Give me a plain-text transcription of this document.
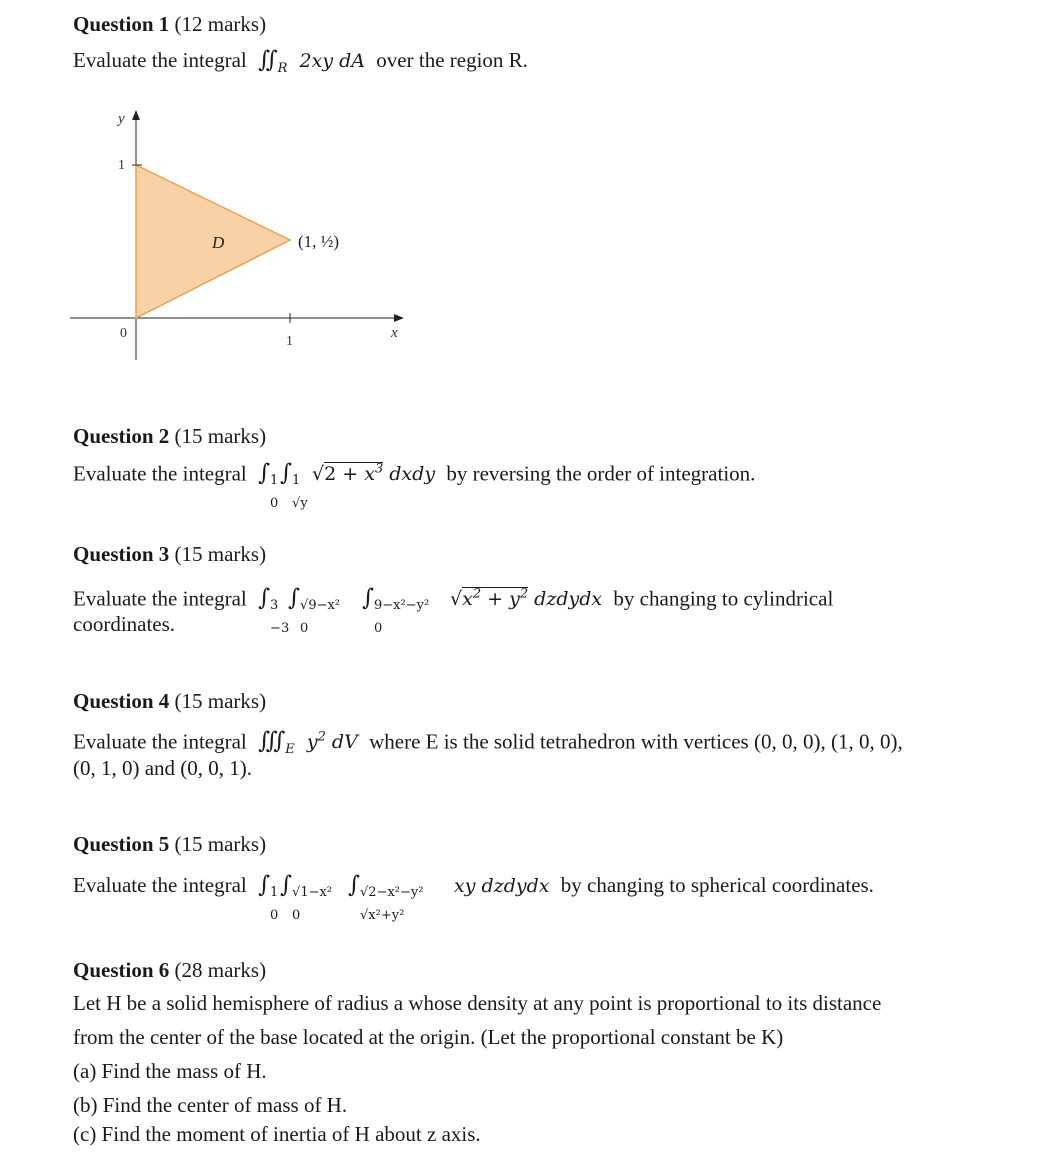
Question 1 (12 marks)
Evaluate the integral $∬_R$  2xy dA  over the region R.
y
1
0
1
x
D	(1, ½)
Question 2 (15 marks)
Evaluate the integral ∫ 1
0
∫ 1
√y
$√2 + x^3$ dxdy  by reversing the order of integration.
Question 3 (15 marks)
Evaluate the integral ∫ 3
−3
∫ √9−x²
0
∫ 9−x²−y²
0
$√x^2 + y^2$ dzdydx  by changing to cylindrical
coordinates.
Question 4 (15 marks)
Evaluate the integral $∭_E$  $y^2$ dV  where E is the solid tetrahedron with vertices (0, 0, 0), (1, 0, 0),
(0, 1, 0) and (0, 0, 1).
Question 5 (15 marks)
Evaluate the integral ∫ 1
0
∫ √1−x²
0
∫ √2−x²−y²
√x²+y²
xy dzdydx  by changing to spherical coordinates.
Question 6 (28 marks)
Let H be a solid hemisphere of radius a whose density at any point is proportional to its distance
from the center of the base located at the origin. (Let the proportional constant be K)
(a) Find the mass of H.
(b) Find the center of mass of H.
(c) Find the moment of inertia of H about z axis.
